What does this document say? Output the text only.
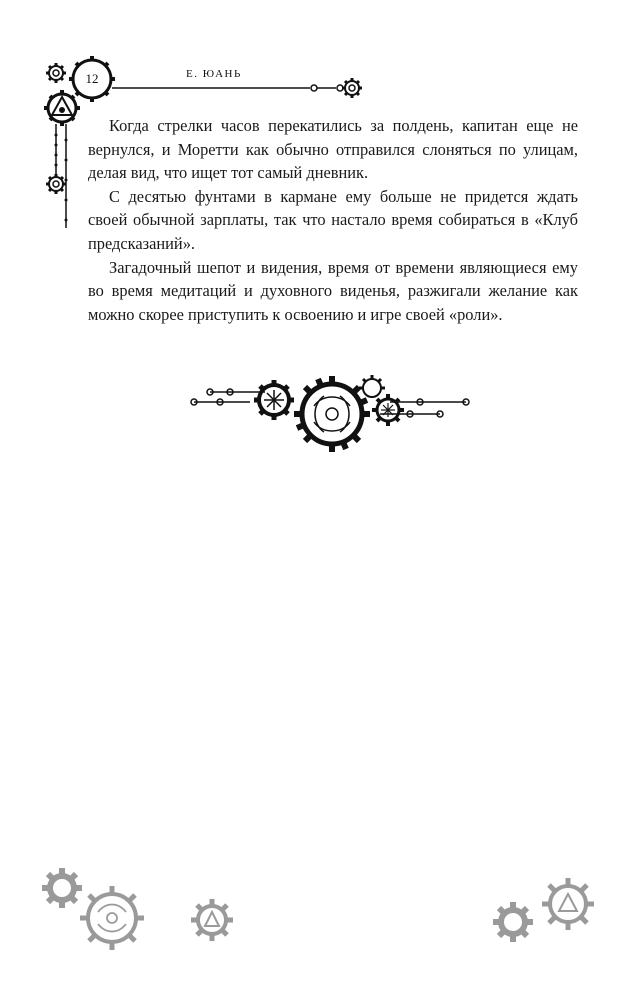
12	Е. ЮАНЬ

Когда стрелки часов перекатились за полдень, капитан еще не вернулся, и Моретти как обычно отправился слоняться по улицам, делая вид, что ищет тот самый дневник.

С десятью фунтами в кармане ему больше не придется ждать своей обычной зарплаты, так что настало время собираться в «Клуб предсказаний».

Загадочный шепот и видения, время от времени являющиеся ему во время медитаций и духовного виденья, разжигали желание как можно скорее приступить к освоению и игре своей «роли».
